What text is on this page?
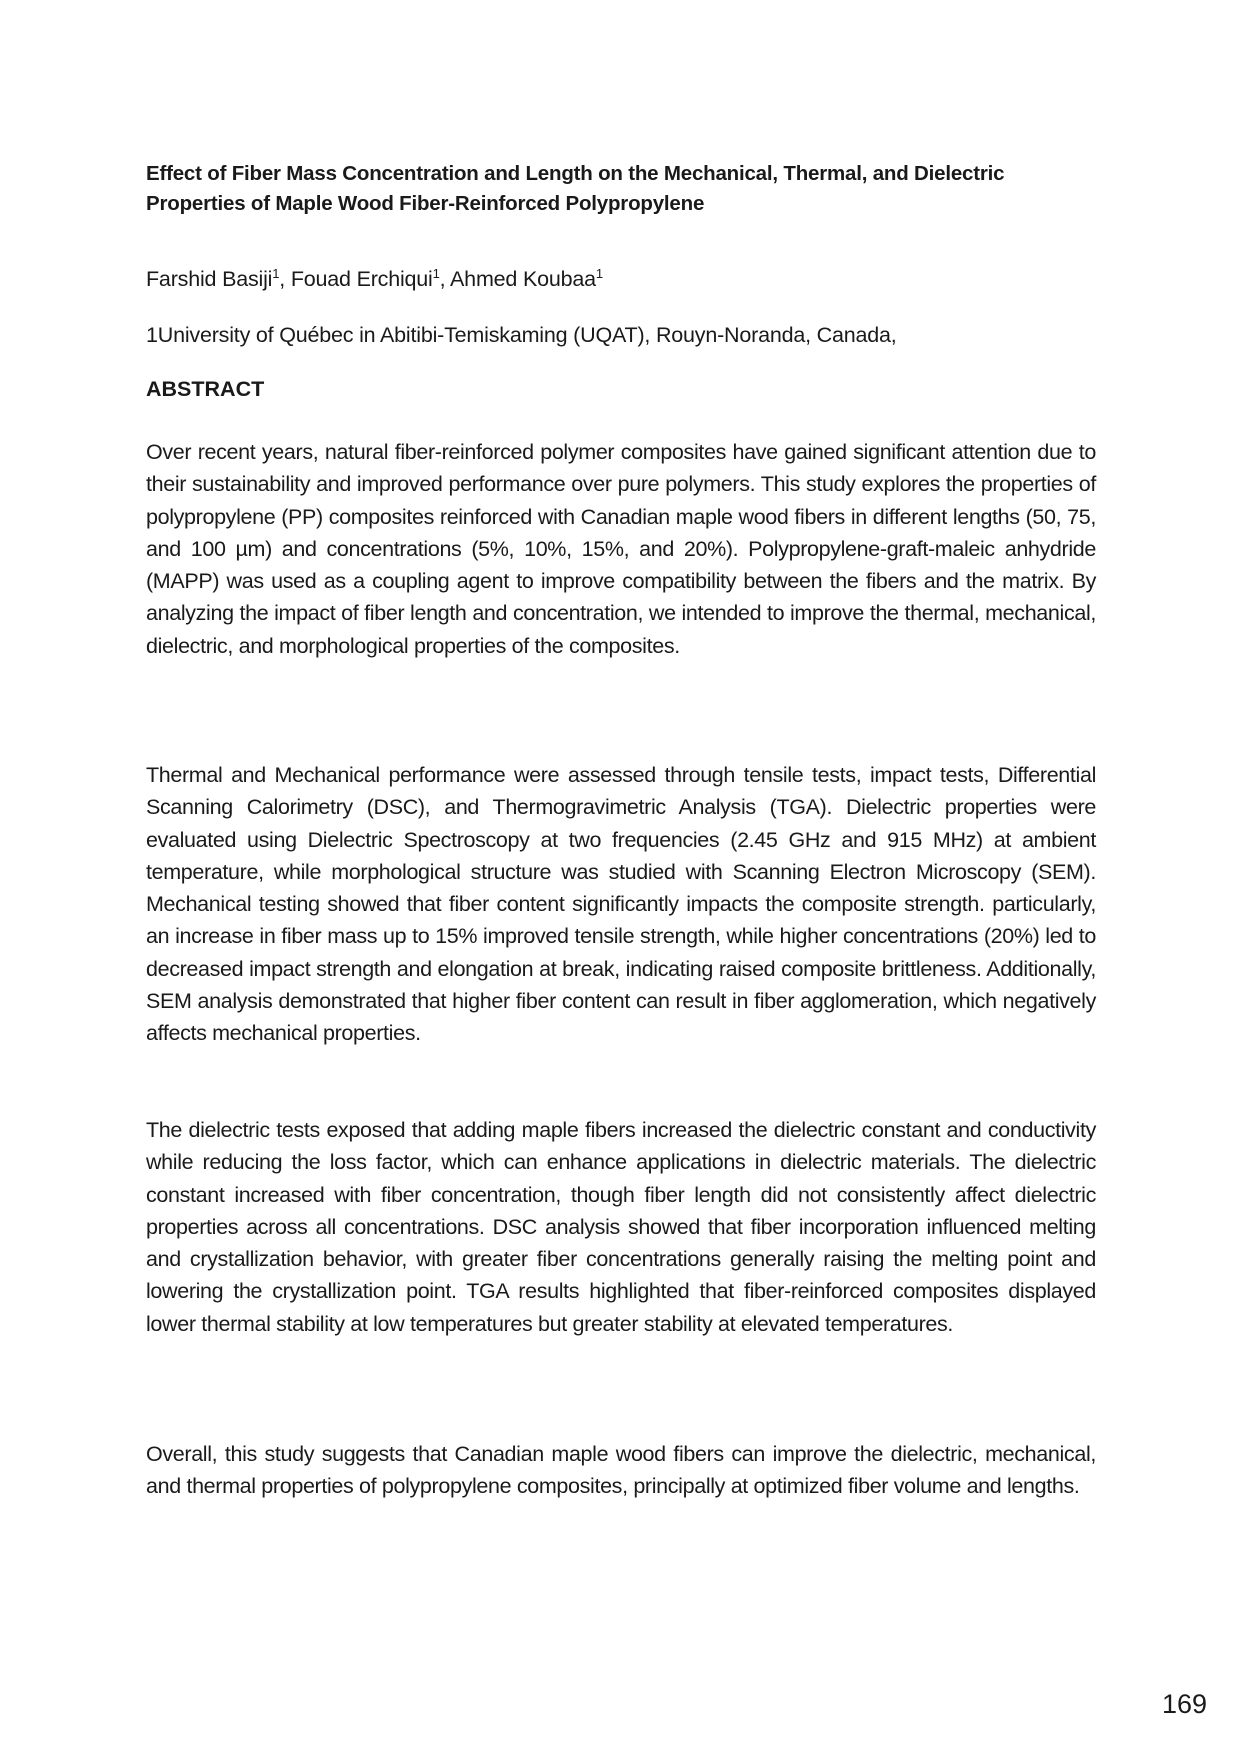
Effect of Fiber Mass Concentration and Length on the Mechanical, Thermal, and Dielectric Properties of Maple Wood Fiber-Reinforced Polypropylene
Farshid Basiji$^1$, Fouad Erchiqui$^1$, Ahmed Koubaa$^1$
1University of Québec in Abitibi-Temiskaming (UQAT), Rouyn-Noranda, Canada,
ABSTRACT

Over recent years, natural fiber-reinforced polymer composites have gained significant attention due to their sustainability and improved performance over pure polymers. This study explores the properties of polypropylene (PP) composites reinforced with Canadian maple wood fibers in different lengths (50, 75, and 100 µm) and concentrations (5%, 10%, 15%, and 20%). Polypropylene-graft-maleic anhydride (MAPP) was used as a coupling agent to improve compatibility between the fibers and the matrix. By analyzing the impact of fiber length and concentration, we intended to improve the thermal, mechanical, dielectric, and morphological properties of the composites.

Thermal and Mechanical performance were assessed through tensile tests, impact tests, Differential Scanning Calorimetry (DSC), and Thermogravimetric Analysis (TGA). Dielectric properties were evaluated using Dielectric Spectroscopy at two frequencies (2.45 GHz and 915 MHz) at ambient temperature, while morphological structure was studied with Scanning Electron Microscopy (SEM). Mechanical testing showed that fiber content significantly impacts the composite strength. particularly, an increase in fiber mass up to 15% improved tensile strength, while higher concentrations (20%) led to decreased impact strength and elongation at break, indicating raised composite brittleness. Additionally, SEM analysis demonstrated that higher fiber content can result in fiber agglomeration, which negatively affects mechanical properties.

The dielectric tests exposed that adding maple fibers increased the dielectric constant and conductivity while reducing the loss factor, which can enhance applications in dielectric materials. The dielectric constant increased with fiber concentration, though fiber length did not consistently affect dielectric properties across all concentrations. DSC analysis showed that fiber incorporation influenced melting and crystallization behavior, with greater fiber concentrations generally raising the melting point and lowering the crystallization point. TGA results highlighted that fiber-reinforced composites displayed lower thermal stability at low temperatures but greater stability at elevated temperatures.

Overall, this study suggests that Canadian maple wood fibers can improve the dielectric, mechanical, and thermal properties of polypropylene composites, principally at optimized fiber volume and lengths.

169
